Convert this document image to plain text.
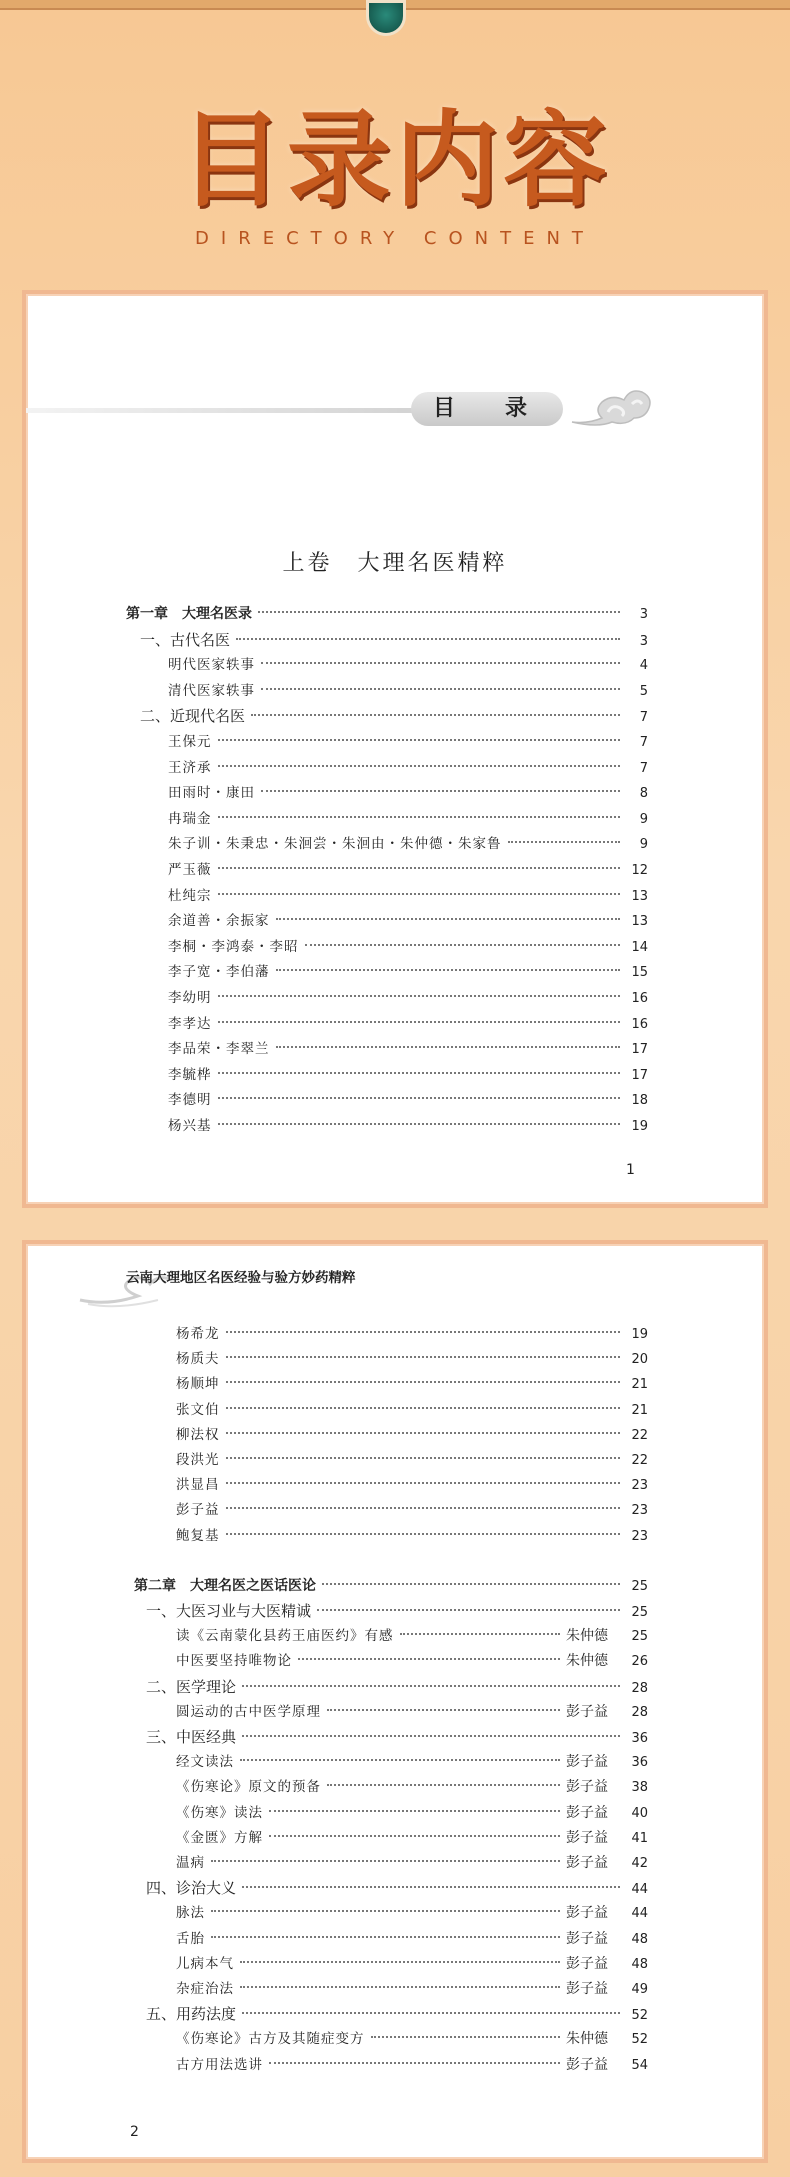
目录内容
DIRECTORY CONTENT
目　录
上卷　大理名医精粹
第一章　大理名医录	3
一、古代名医	3
明代医家轶事	4
清代医家轶事	5
二、近现代名医	7
王保元	7
王济承	7
田雨时・康田	8
冉瑞金	9
朱子训・朱秉忠・朱洄尝・朱洄由・朱仲德・朱家鲁	9
严玉薇	12
杜纯宗	13
余道善・余振家	13
李桐・李鸿泰・李昭	14
李子宽・李伯藩	15
李幼明	16
李孝达	16
李品荣・李翠兰	17
李毓桦	17
李德明	18
杨兴基	19
1
云南大理地区名医经验与验方妙药精粹
杨希龙	19
杨质夫	20
杨顺坤	21
张文伯	21
柳法权	22
段洪光	22
洪显昌	23
彭子益	23
鲍复基	23
第二章　大理名医之医话医论	25
一、大医习业与大医精诚	25
读《云南蒙化县药王庙医约》有感	朱仲德	25
中医要坚持唯物论	朱仲德	26
二、医学理论	28
圆运动的古中医学原理	彭子益	28
三、中医经典	36
经文读法	彭子益	36
《伤寒论》原文的预备	彭子益	38
《伤寒》读法	彭子益	40
《金匮》方解	彭子益	41
温病	彭子益	42
四、诊治大义	44
脉法	彭子益	44
舌胎	彭子益	48
儿病本气	彭子益	48
杂症治法	彭子益	49
五、用药法度	52
《伤寒论》古方及其随症变方	朱仲德	52
古方用法选讲	彭子益	54
2
